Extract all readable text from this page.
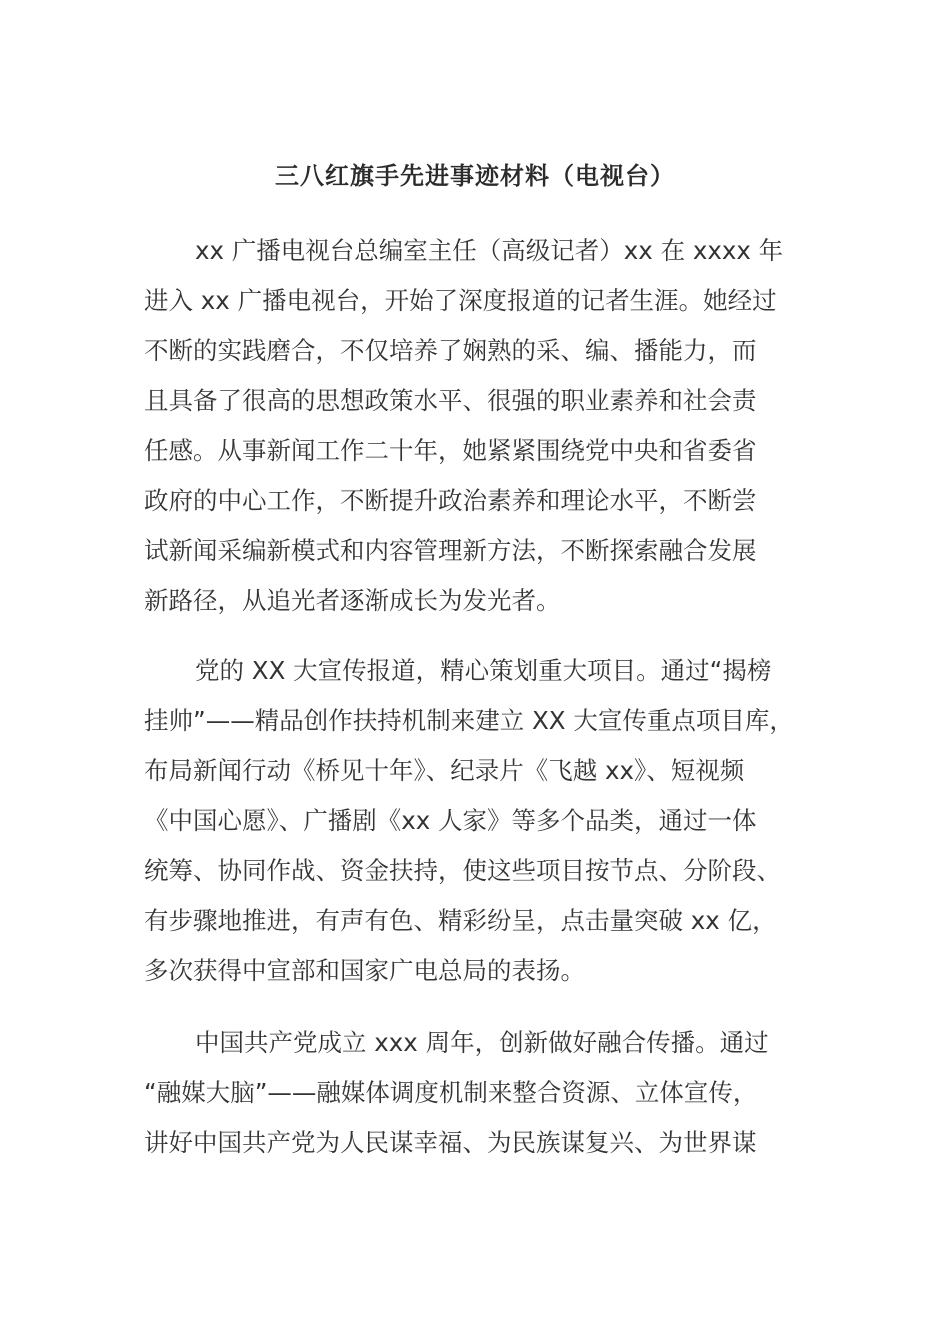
三八红旗手先进事迹材料（电视台）
xx 广播电视台总编室主任（高级记者）xx 在 xxxx 年
进入 xx 广播电视台，开始了深度报道的记者生涯。她经过
不断的实践磨合，不仅培养了娴熟的采、编、播能力，而
且具备了很高的思想政策水平、很强的职业素养和社会责
任感。从事新闻工作二十年，她紧紧围绕党中央和省委省
政府的中心工作，不断提升政治素养和理论水平，不断尝
试新闻采编新模式和内容管理新方法，不断探索融合发展
新路径，从追光者逐渐成长为发光者。
党的 XX 大宣传报道，精心策划重大项目。通过“揭榜
挂帅”——精品创作扶持机制来建立 XX 大宣传重点项目库，
布局新闻行动《桥见十年》、纪录片《飞越 xx》、短视频
《中国心愿》、广播剧《xx 人家》等多个品类，通过一体
统筹、协同作战、资金扶持，使这些项目按节点、分阶段、
有步骤地推进，有声有色、精彩纷呈，点击量突破 xx 亿，
多次获得中宣部和国家广电总局的表扬。
中国共产党成立 xxx 周年，创新做好融合传播。通过
“融媒大脑”——融媒体调度机制来整合资源、立体宣传，
讲好中国共产党为人民谋幸福、为民族谋复兴、为世界谋
